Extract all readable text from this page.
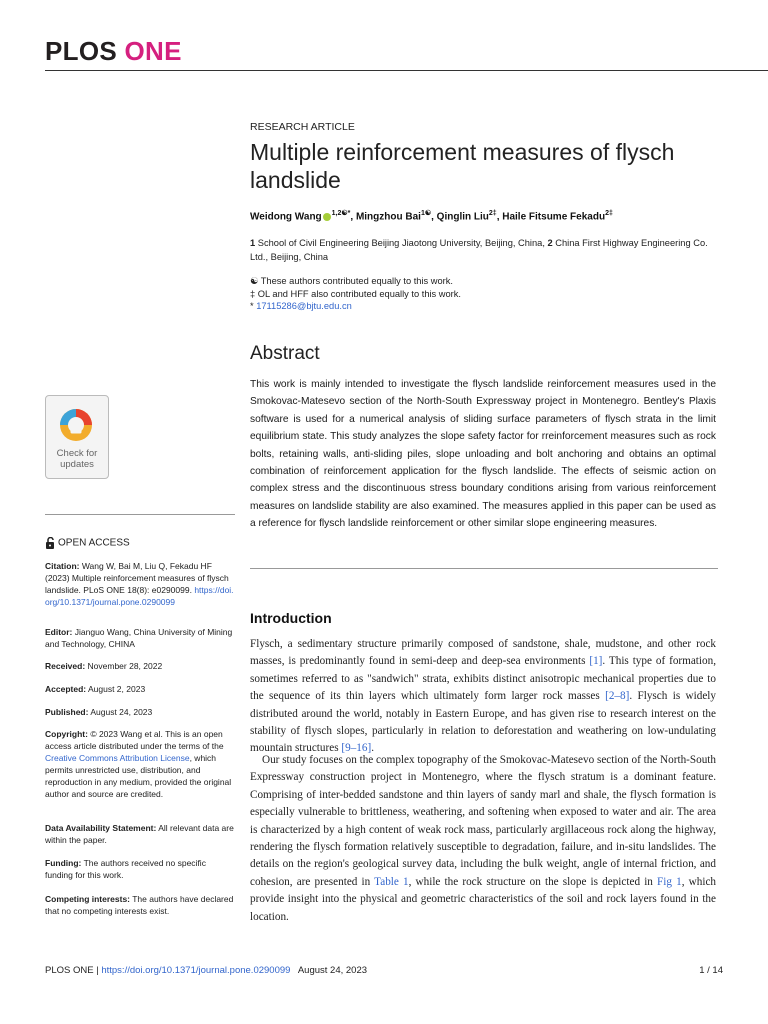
PLOS ONE
RESEARCH ARTICLE
Multiple reinforcement measures of flysch landslide
Weidong Wang $^{1,2☯*}$, Mingzhou Bai$^{1☯}$, Qinglin Liu$^{2\ddagger}$, Haile Fitsume Fekadu$^{2\ddagger}$
1 School of Civil Engineering Beijing Jiaotong University, Beijing, China, 2 China First Highway Engineering Co. Ltd., Beijing, China
☯ These authors contributed equally to this work.
‡ OL and HFF also contributed equally to this work.
* 17115286@bjtu.edu.cn
Abstract
This work is mainly intended to investigate the flysch landslide reinforcement measures used in the Smokovac-Matesevo section of the North-South Expressway project in Montenegro. Bentley's Plaxis software is used for a numerical analysis of sliding surface parameters of flysch strata in the limit equilibrium state. This study analyzes the slope safety factor for rreinforcement measures such as rock bolts, retaining walls, anti-sliding piles, slope unloading and bolt anchoring and obtains an optimal combination of reinforcement application for the flysch landslide. The effects of seismic action on complex stress and the discontinuous stress boundary conditions arising from various reinforcement measures on landslide stability are also examined. The measures applied in this paper can be used as a reference for flysch landslide reinforcement or other similar slope engineering measures.
Introduction
Flysch, a sedimentary structure primarily composed of sandstone, shale, mudstone, and other rock masses, is predominantly found in semi-deep and deep-sea environments [1]. This type of formation, sometimes referred to as "sandwich" strata, exhibits distinct anisotropic mechanical properties due to the sequence of its thin layers which ultimately form larger rock masses [2–8]. Flysch is widely distributed around the world, notably in Eastern Europe, and has given rise to research interest on the stability of flysch slopes, particularly in relation to deforestation and weathering on low-undulating mountain structures [9–16].
Our study focuses on the complex topography of the Smokovac-Matesevo section of the North-South Expressway construction project in Montenegro, where the flysch stratum is a dominant feature. Comprising of inter-bedded sandstone and thin layers of sandy marl and shale, the flysch formation is especially vulnerable to brittleness, weathering, and softening when exposed to water and air. The area is characterized by a high content of weak rock mass, particularly argillaceous rock along the highway, rendering the flysch formation relatively susceptible to degradation, failure, and in-situ landslides. The details on the region's geological survey data, including the bulk weight, angle of internal friction, and cohesion, are presented in Table 1, while the rock structure on the slope is depicted in Fig 1, which provide insight into the physical and geometric characteristics of the soil and rock layers found in the location.
Check for
updates
OPEN ACCESS
Citation: Wang W, Bai M, Liu Q, Fekadu HF (2023) Multiple reinforcement measures of flysch landslide. PLoS ONE 18(8): e0290099. https://doi.org/10.1371/journal.pone.0290099
Editor: Jianguo Wang, China University of Mining and Technology, CHINA
Received: November 28, 2022
Accepted: August 2, 2023
Published: August 24, 2023
Copyright: © 2023 Wang et al. This is an open access article distributed under the terms of the Creative Commons Attribution License, which permits unrestricted use, distribution, and reproduction in any medium, provided the original author and source are credited.
Data Availability Statement: All relevant data are within the paper.
Funding: The authors received no specific funding for this work.
Competing interests: The authors have declared that no competing interests exist.
PLOS ONE | https://doi.org/10.1371/journal.pone.0290099   August 24, 2023	1 / 14
